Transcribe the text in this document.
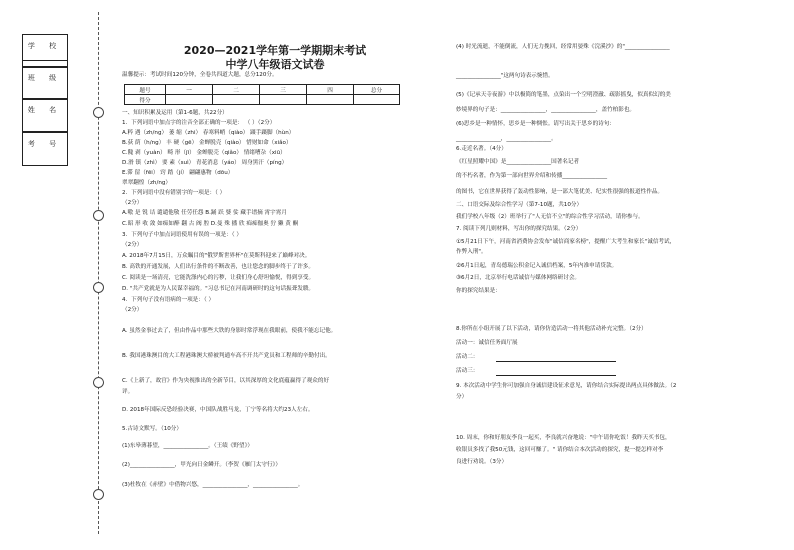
学 校
班 级
姓 名
考 号
2020—2021学年第一学期期末考试
中学八年级语文试卷
温馨提示：考试时间120分钟，全卷共四道大题，总分120分。
题号	一	二	三	四	总分
得分					
一、知识积累及运用（第1-6题，共22分）
1．下列词语中加点字的注音全部正确的一项是： （ ）（2分）
A.粹 遇（zh/ng） 萎 缩（zhi） 春寒料峭（qiào） 蹑手蹑脚（hùn）
B.荻 荫（h/ng） 丰 硬（gē） 金蝉脱壳（qiào） 惜财如命（xiǎo）
C.隗 剥（yuàn） 畸 形（jī） 金蝉脱壳（qiǎo） 情绪嘈杂（xiū）
D.滑 镇（zhì） 要 素（suì） 青花消息（yáo） 周身黑汗（píng）
E.滞 留（fēi） 窍 踏（jí） 翩翩惠物（dōu）
翠翠翻惶（zh/ng）
2．下列词语中没有错别字的一项是：（ ）
（2分）
A.嗷 是 锐 诘 谴谴他敬 任劳任怨 B.踊 跃 婆 娑 藏手谱摘 霄宇霄月
C.昭 形 收 敛 如痴如醉 翻 古 阀 腔 D.曼 殊 播 欣 痴痴伽奥 狞 獭 黄 酮
3．下列句子中加点词语使用有误的一项是：（ ）
（2分）
A. 2018年7月15日，万众瞩目的"俄罗斯世界杯"在莫斯科迎来了巅峰对决。
B. 高铁的开通发展，人们出行条件的不断改善，也让您念的脚步终于了许多。
C. 阅读是一场清亮，它能洗涤内心的污秽，让我们身心舒坦愉悦，得到享受。
D. "共产党就是为人民谋幸福的。"习总书记在河南调研时的这句话振聋发聩。
4．下列句子没有语病的一项是：（ ）
（2分）
A. 虽然金事过去了，但由作品中那些大铁的身影时常浮现在我眼前，使我不能忘记他。
B. 我国港珠澳目的大工程港珠澳大桥被判通车高不开共产党员和工程师的辛勤付出。
C.《上新了，故宫》作为央视推出的全新节目，以其深厚的文化底蕴赢得了观众的好
评。
D. 2018年国际反恐经验决赛，中国队战胜马龙，丁宁等名将大约23人左右。
5.古诗文默写。（10分）
(1)东皋薄暮望，________________。（王绩《野望》）
(2)________________，甲光向日金鳞开。（李贺《雁门太守行》）
(3)杜牧在《赤壁》中借物兴悠，________________，________________。
(4) 时光流逝，不能倒流，人们无力挽回，经常用晏殊《浣溪沙》的"________________
________________"这两句诗表示惋惜。
(5)《记承天寺夜游》中以极简的笔墨，点染出一个空明澄澈、疏影摇曳，似真似幻的美
妙境界的句子是：________________，________________，盖竹柏影也。
(6)思乡是一种情怀，思乡是一种惆怅。请写出关于思乡的诗句：
________________，________________。
6.走近名著。（4分）
《红星照耀中国》是________________国著名记者
的不朽名著，作为第一部向世界介绍和传播________________
的图书，它在世界获得了轰动性影响，是一部大笔优美、纪实性很强的报道性作品。
二、口语交际及综合性学习（第7-10题，共10分）
我们学校八年级（2）班举行了"人无信不立"的综合性学习活动，请你参与。
7. 阅读下列几则材料，写出你的探究结果。（2分）
①5月21日下午，河南省消费协会发布"诚信商家名榜"，提醒广大考生和家长"诚信考试，
作弊入刑"。
②6月1日起，青岛德瑞公积金记入诚信档案，5年内准申请贷款。
③6月2日，北京举行电话诚信与媒体网络研讨会。
你的探究结果是：
8.你所在小组开展了以下活动，请你仿造活动一将其他活动补充完整。（2分）
活动一：诚信任务面厅展
活动二：
活动三：
9. 本次活动中学生你可加强自身诚信建设征求意见，请你结合实际提出两点具体做法。（2
分）
10. 周末，你和好朋友李良一起买，李良就兴奋地说："中午请你吃饭！我昨天买书包，
收银员多找了我50元钱，这回可赚了。" 请你结合本次活动的探究，提一提怎样对李
良进行劝说。（3分）
